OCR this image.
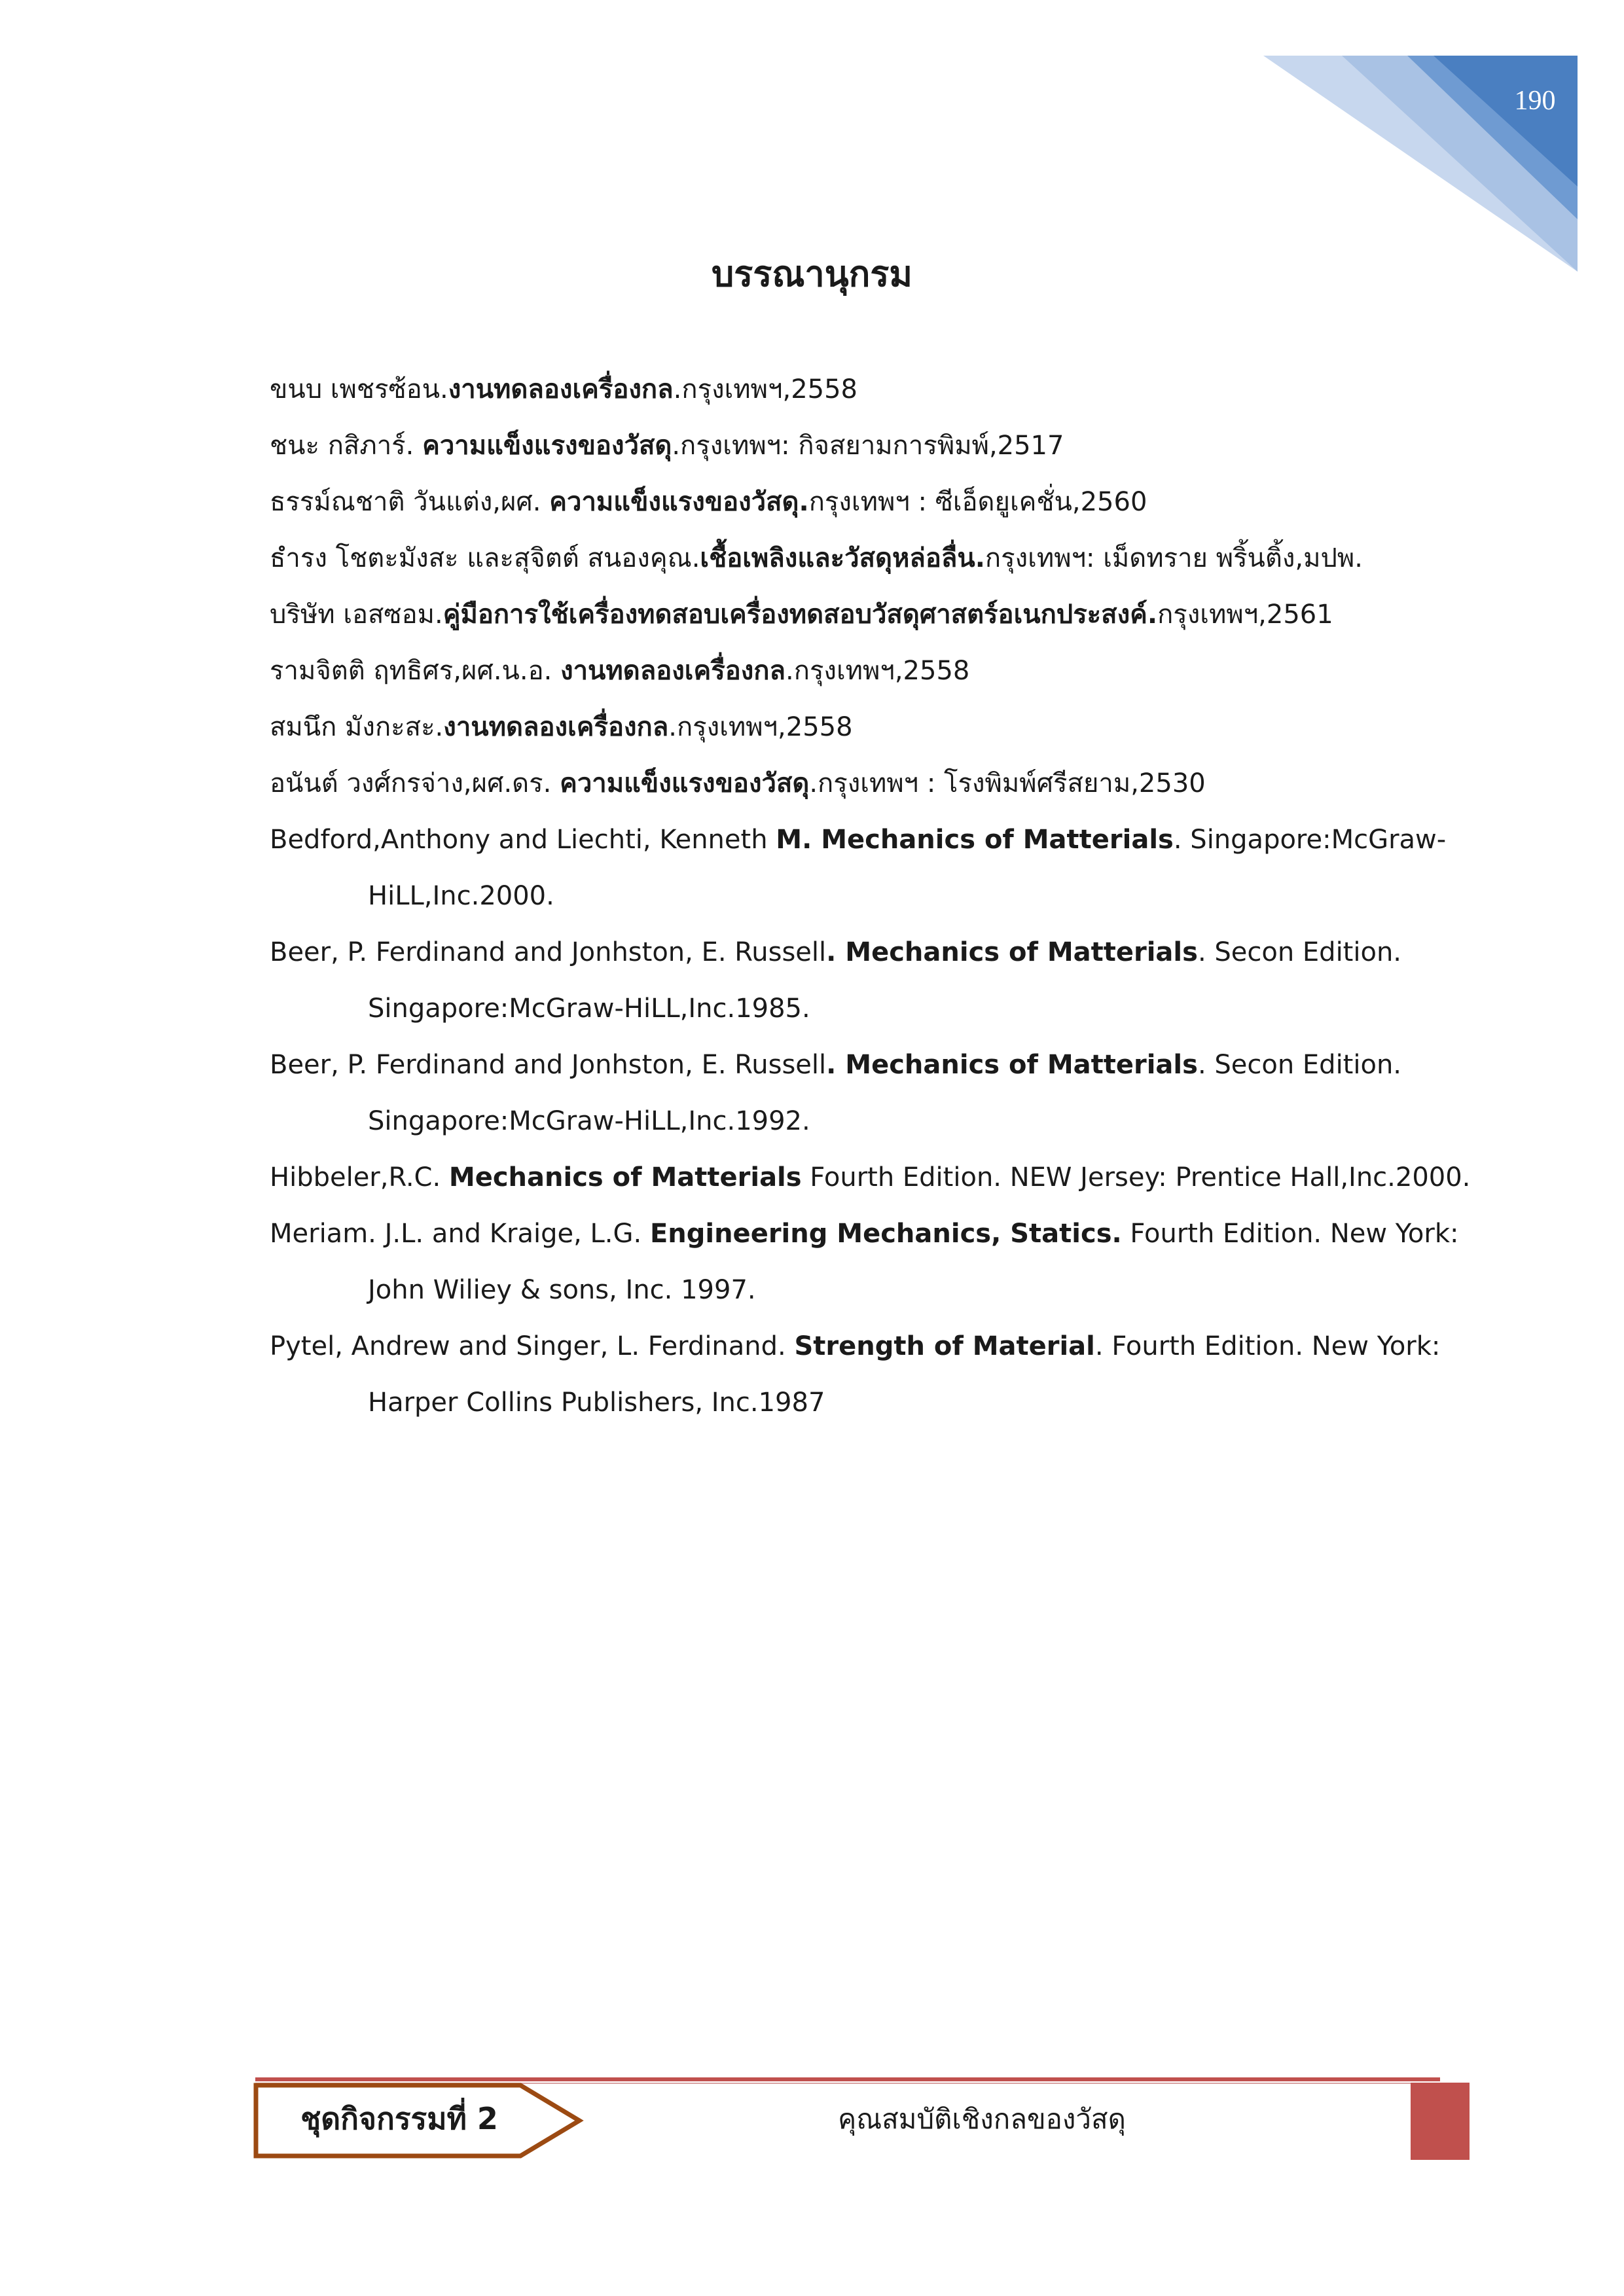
190
บรรณานุกรม
ขนบ เพชรซ้อน.งานทดลองเครื่องกล.กรุงเทพฯ,2558
ชนะ กสิภาร์. ความแข็งแรงของวัสดุ.กรุงเทพฯ: กิจสยามการพิมพ์,2517
ธรรม์ณชาติ วันแต่ง,ผศ. ความแข็งแรงของวัสดุ.กรุงเทพฯ : ซีเอ็ดยูเคชั่น,2560
ธำรง โชตะมังสะ และสุจิตต์ สนองคุณ.เชื้อเพลิงและวัสดุหล่อลื่น.กรุงเทพฯ: เม็ดทราย พริ้นติ้ง,มปพ.
บริษัท เอสซอม.คู่มือการใช้เครื่องทดสอบเครื่องทดสอบวัสดุศาสตร์อเนกประสงค์.กรุงเทพฯ,2561
รามจิตติ ฤทธิศร,ผศ.น.อ. งานทดลองเครื่องกล.กรุงเทพฯ,2558
สมนึก มังกะสะ.งานทดลองเครื่องกล.กรุงเทพฯ,2558
อนันต์ วงศ์กรจ่าง,ผศ.ดร. ความแข็งแรงของวัสดุ.กรุงเทพฯ : โรงพิมพ์ศรีสยาม,2530
Bedford,Anthony and Liechti, Kenneth M. Mechanics of Matterials. Singapore:McGraw-
HiLL,Inc.2000.
Beer, P. Ferdinand and Jonhston, E. Russell. Mechanics of Matterials. Secon Edition.
Singapore:McGraw-HiLL,Inc.1985.
Beer, P. Ferdinand and Jonhston, E. Russell. Mechanics of Matterials. Secon Edition.
Singapore:McGraw-HiLL,Inc.1992.
Hibbeler,R.C. Mechanics of Matterials Fourth Edition. NEW Jersey: Prentice Hall,Inc.2000.
Meriam. J.L. and Kraige, L.G. Engineering Mechanics, Statics. Fourth Edition. New York:
John Wiliey & sons, Inc. 1997.
Pytel, Andrew and Singer, L. Ferdinand. Strength of Material. Fourth Edition. New York:
Harper Collins Publishers, Inc.1987
ชุดกิจกรรมที่ 2	คุณสมบัติเชิงกลของวัสดุ
